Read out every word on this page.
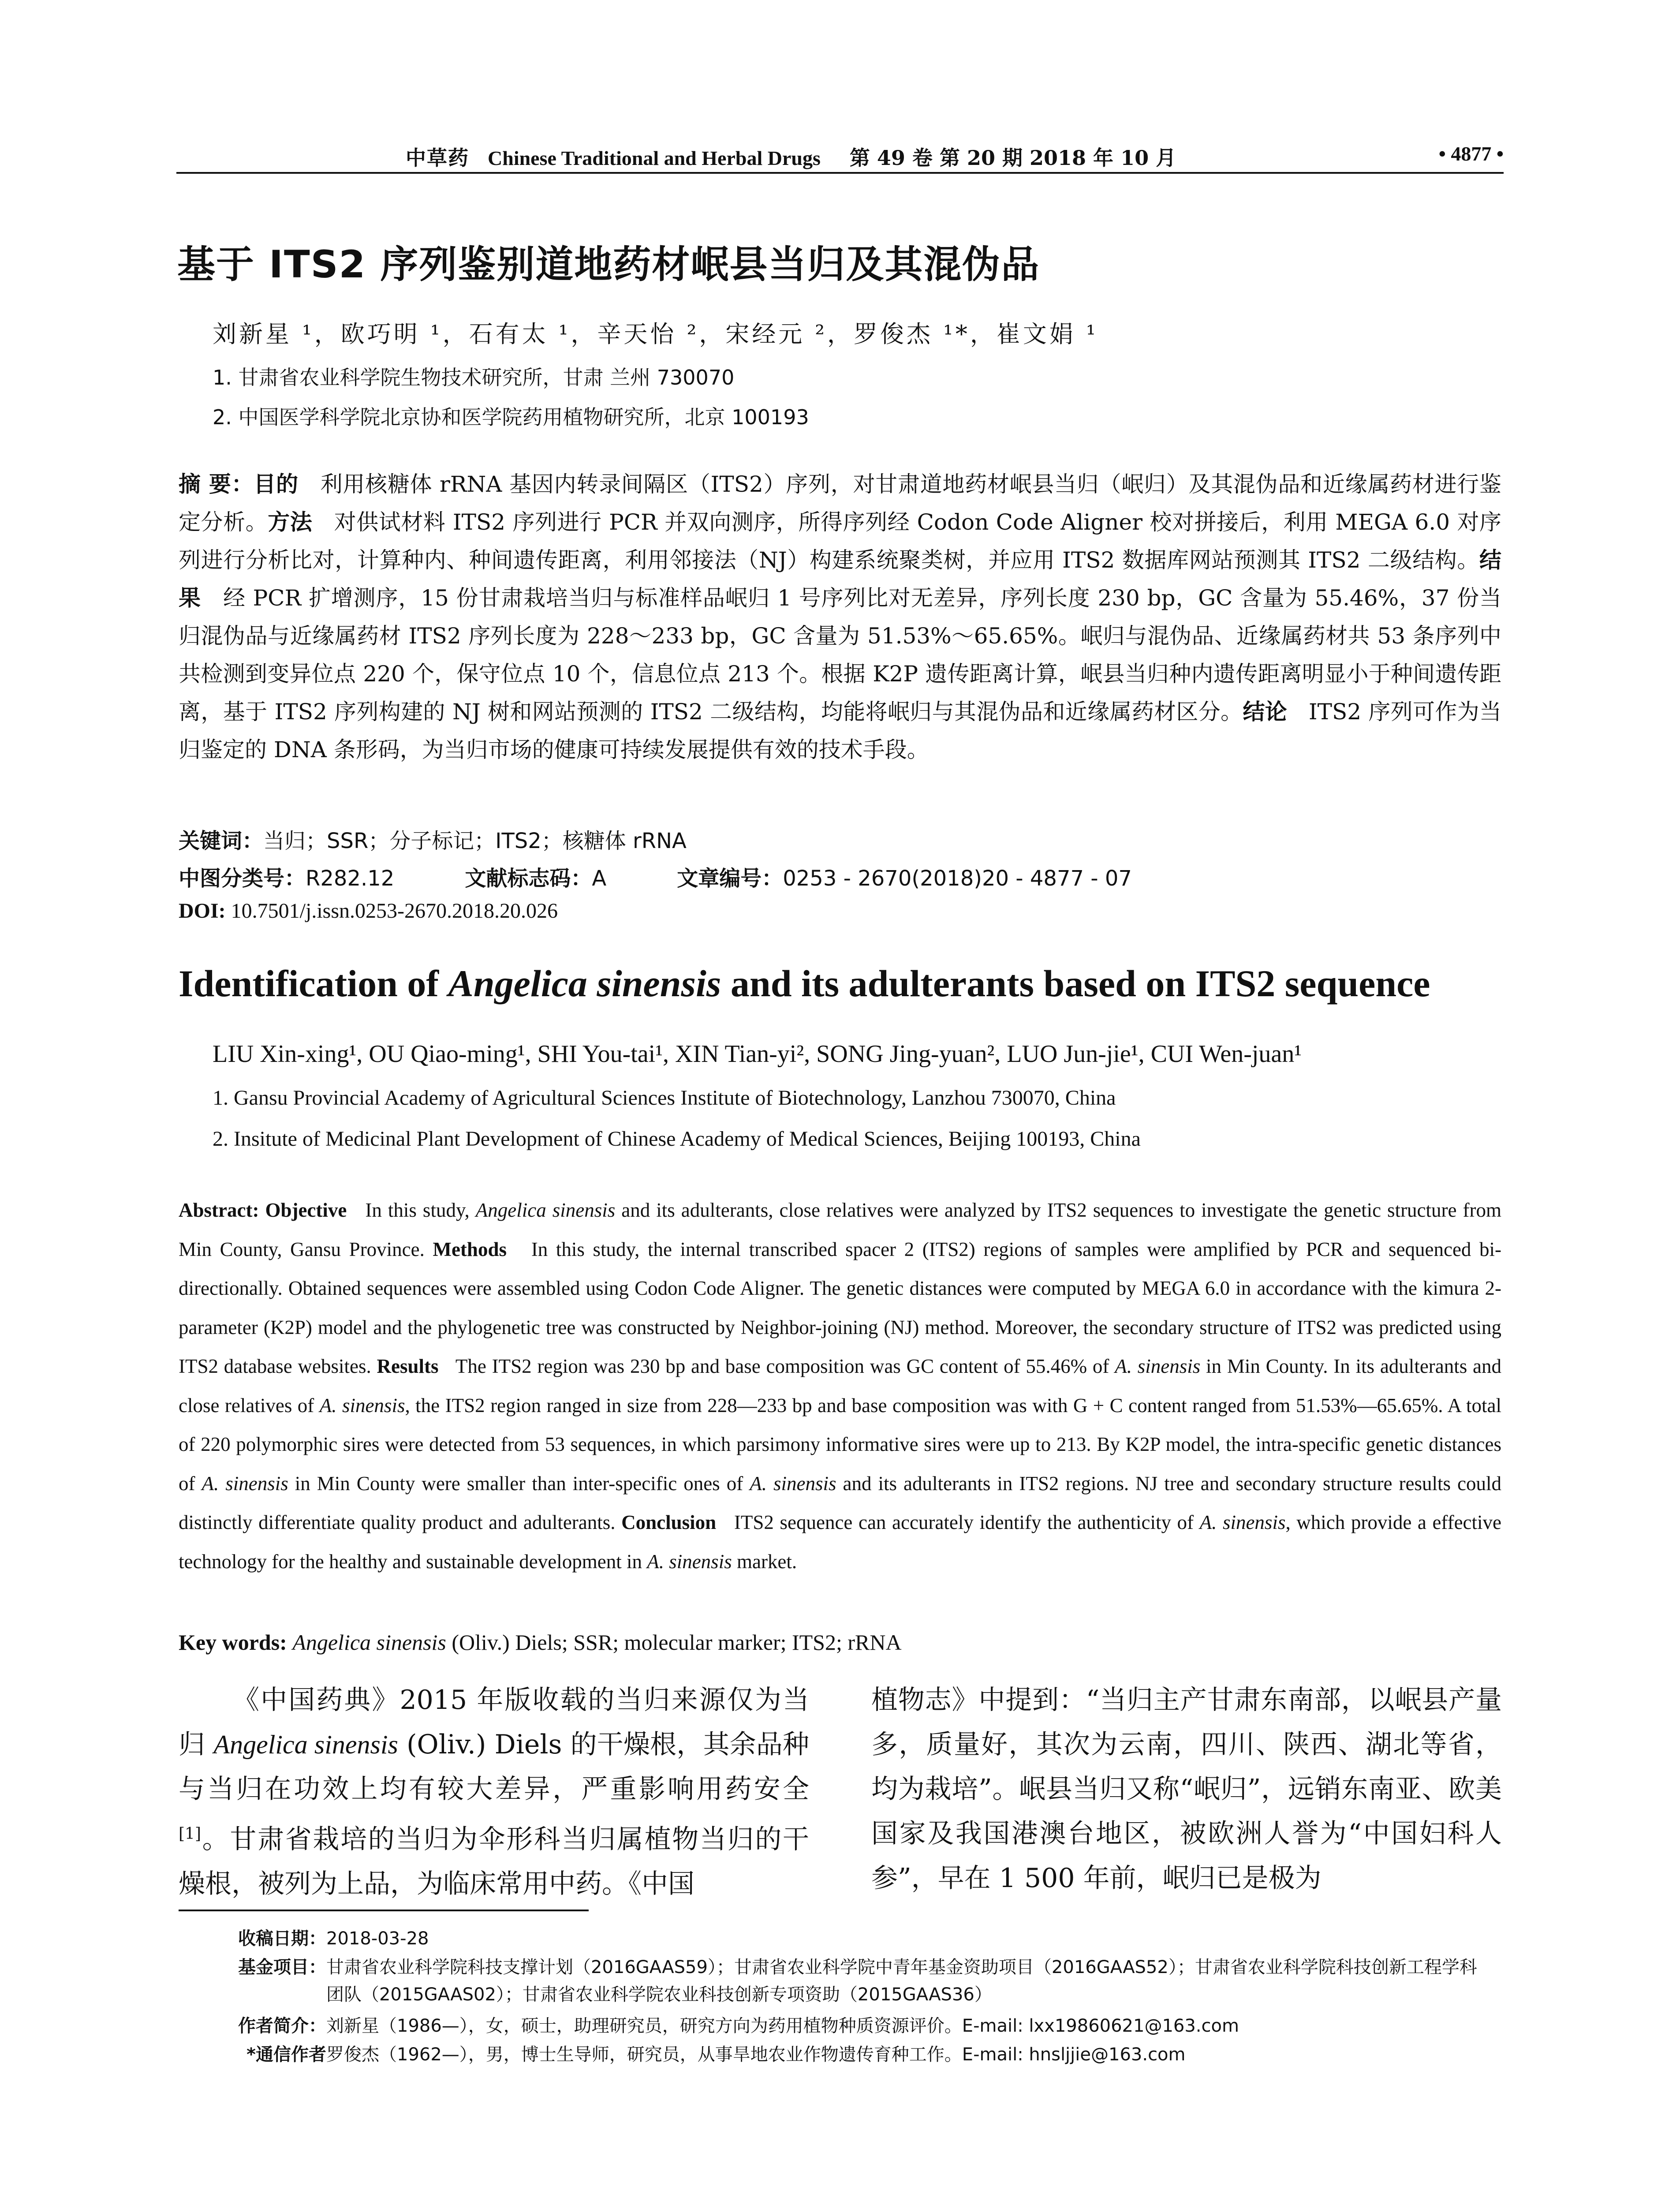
中草药 Chinese Traditional and Herbal Drugs 第 49 卷 第 20 期 2018 年 10 月	• 4877 •
基于 ITS2 序列鉴别道地药材岷县当归及其混伪品
刘新星 ¹，欧巧明 ¹，石有太 ¹，辛天怡 ²，宋经元 ²，罗俊杰 ¹*，崔文娟 ¹
1. 甘肃省农业科学院生物技术研究所，甘肃 兰州 730070
2. 中国医学科学院北京协和医学院药用植物研究所，北京 100193
摘 要：目的 利用核糖体 rRNA 基因内转录间隔区（ITS2）序列，对甘肃道地药材岷县当归（岷归）及其混伪品和近缘属药材进行鉴定分析。方法 对供试材料 ITS2 序列进行 PCR 并双向测序，所得序列经 Codon Code Aligner 校对拼接后，利用 MEGA 6.0 对序列进行分析比对，计算种内、种间遗传距离，利用邻接法（NJ）构建系统聚类树，并应用 ITS2 数据库网站预测其 ITS2 二级结构。结果 经 PCR 扩增测序，15 份甘肃栽培当归与标准样品岷归 1 号序列比对无差异，序列长度 230 bp，GC 含量为 55.46%，37 份当归混伪品与近缘属药材 ITS2 序列长度为 228～233 bp，GC 含量为 51.53%～65.65%。岷归与混伪品、近缘属药材共 53 条序列中共检测到变异位点 220 个，保守位点 10 个，信息位点 213 个。根据 K2P 遗传距离计算，岷县当归种内遗传距离明显小于种间遗传距离，基于 ITS2 序列构建的 NJ 树和网站预测的 ITS2 二级结构，均能将岷归与其混伪品和近缘属药材区分。结论 ITS2 序列可作为当归鉴定的 DNA 条形码，为当归市场的健康可持续发展提供有效的技术手段。
关键词：当归；SSR；分子标记；ITS2；核糖体 rRNA
中图分类号：R282.12	文献标志码：A	文章编号：0253 - 2670(2018)20 - 4877 - 07
DOI: 10.7501/j.issn.0253-2670.2018.20.026
Identification of Angelica sinensis and its adulterants based on ITS2 sequence
LIU Xin-xing¹, OU Qiao-ming¹, SHI You-tai¹, XIN Tian-yi², SONG Jing-yuan², LUO Jun-jie¹, CUI Wen-juan¹
1. Gansu Provincial Academy of Agricultural Sciences Institute of Biotechnology, Lanzhou 730070, China
2. Insitute of Medicinal Plant Development of Chinese Academy of Medical Sciences, Beijing 100193, China
Abstract: Objective In this study, Angelica sinensis and its adulterants, close relatives were analyzed by ITS2 sequences to investigate the genetic structure from Min County, Gansu Province. Methods In this study, the internal transcribed spacer 2 (ITS2) regions of samples were amplified by PCR and sequenced bi-directionally. Obtained sequences were assembled using Codon Code Aligner. The genetic distances were computed by MEGA 6.0 in accordance with the kimura 2-parameter (K2P) model and the phylogenetic tree was constructed by Neighbor-joining (NJ) method. Moreover, the secondary structure of ITS2 was predicted using ITS2 database websites. Results The ITS2 region was 230 bp and base composition was GC content of 55.46% of A. sinensis in Min County. In its adulterants and close relatives of A. sinensis, the ITS2 region ranged in size from 228—233 bp and base composition was with G + C content ranged from 51.53%—65.65%. A total of 220 polymorphic sires were detected from 53 sequences, in which parsimony informative sires were up to 213. By K2P model, the intra-specific genetic distances of A. sinensis in Min County were smaller than inter-specific ones of A. sinensis and its adulterants in ITS2 regions. NJ tree and secondary structure results could distinctly differentiate quality product and adulterants. Conclusion ITS2 sequence can accurately identify the authenticity of A. sinensis, which provide a effective technology for the healthy and sustainable development in A. sinensis market.
Key words: Angelica sinensis (Oliv.) Diels; SSR; molecular marker; ITS2; rRNA
  《中国药典》2015 年版收载的当归来源仅为当归 Angelica sinensis (Oliv.) Diels 的干燥根，其余品种与当归在功效上均有较大差异，严重影响用药安全[1]。甘肃省栽培的当归为伞形科当归属植物当归的干燥根，被列为上品，为临床常用中药。《中国
植物志》中提到：“当归主产甘肃东南部，以岷县产量多，质量好，其次为云南，四川、陕西、湖北等省，均为栽培”。岷县当归又称“岷归”，远销东南亚、欧美国家及我国港澳台地区，被欧洲人誉为“中国妇科人参”，早在 1 500 年前，岷归已是极为
收稿日期：2018-03-28
基金项目：甘肃省农业科学院科技支撑计划（2016GAAS59）；甘肃省农业科学院中青年基金资助项目（2016GAAS52）；甘肃省农业科学院科技创新工程学科团队（2015GAAS02）；甘肃省农业科学院农业科技创新专项资助（2015GAAS36）
作者简介：刘新星（1986—），女，硕士，助理研究员，研究方向为药用植物种质资源评价。E-mail: lxx19860621@163.com
*通信作者罗俊杰（1962—），男，博士生导师，研究员，从事旱地农业作物遗传育种工作。E-mail: hnsljjie@163.com
